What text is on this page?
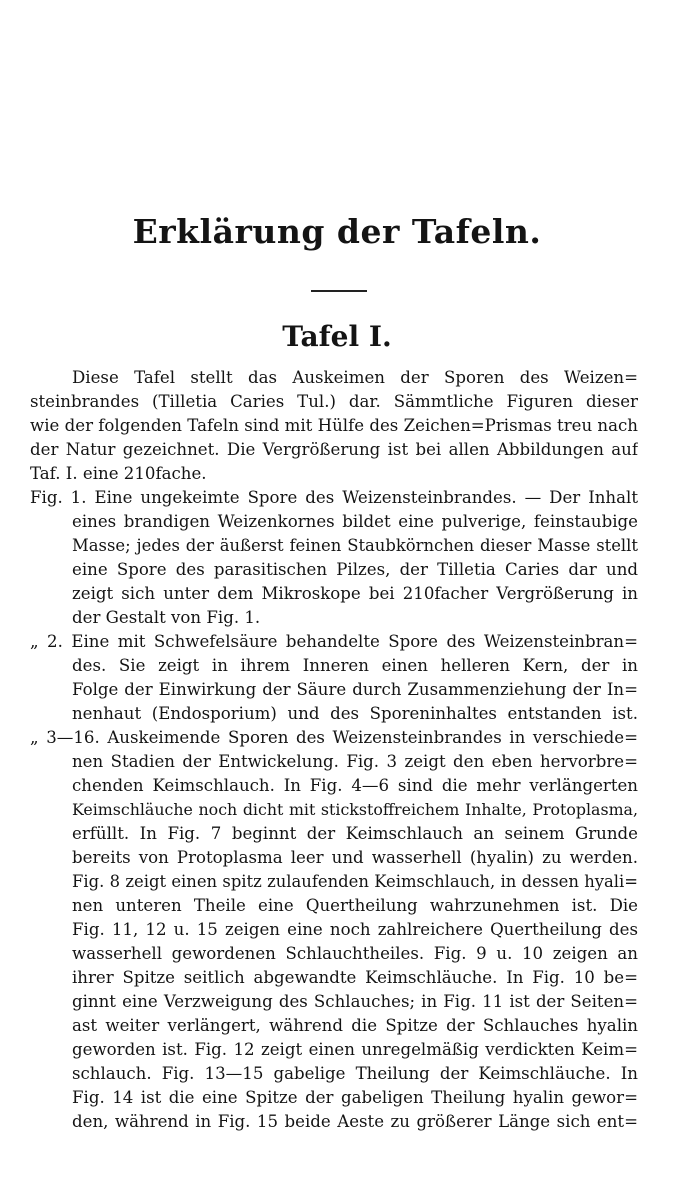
Erklärung der Tafeln.
Tafel I.
Diese Tafel stellt das Auskeimen der Sporen des Weizen=
steinbrandes (Tilletia Caries Tul.) dar. Sämmtliche Figuren dieser
wie der folgenden Tafeln sind mit Hülfe des Zeichen=Prismas treu nach
der Natur gezeichnet. Die Vergrößerung ist bei allen Abbildungen auf
Taf. I. eine 210fache.
Fig. 1. Eine ungekeimte Spore des Weizensteinbrandes. — Der Inhalt
eines brandigen Weizenkornes bildet eine pulverige, feinstaubige
Masse; jedes der äußerst feinen Staubkörnchen dieser Masse stellt
eine Spore des parasitischen Pilzes, der Tilletia Caries dar und
zeigt sich unter dem Mikroskope bei 210facher Vergrößerung in
der Gestalt von Fig. 1.
„ 2. Eine mit Schwefelsäure behandelte Spore des Weizensteinbran=
des. Sie zeigt in ihrem Inneren einen helleren Kern, der in
Folge der Einwirkung der Säure durch Zusammenziehung der In=
nenhaut (Endosporium) und des Sporeninhaltes entstanden ist.
„ 3—16. Auskeimende Sporen des Weizensteinbrandes in verschiede=
nen Stadien der Entwickelung. Fig. 3 zeigt den eben hervorbre=
chenden Keimschlauch. In Fig. 4—6 sind die mehr verlängerten
Keimschläuche noch dicht mit stickstoffreichem Inhalte, Protoplasma,
erfüllt. In Fig. 7 beginnt der Keimschlauch an seinem Grunde
bereits von Protoplasma leer und wasserhell (hyalin) zu werden.
Fig. 8 zeigt einen spitz zulaufenden Keimschlauch, in dessen hyali=
nen unteren Theile eine Quertheilung wahrzunehmen ist. Die
Fig. 11, 12 u. 15 zeigen eine noch zahlreichere Quertheilung des
wasserhell gewordenen Schlauchtheiles. Fig. 9 u. 10 zeigen an
ihrer Spitze seitlich abgewandte Keimschläuche. In Fig. 10 be=
ginnt eine Verzweigung des Schlauches; in Fig. 11 ist der Seiten=
ast weiter verlängert, während die Spitze der Schlauches hyalin
geworden ist. Fig. 12 zeigt einen unregelmäßig verdickten Keim=
schlauch. Fig. 13—15 gabelige Theilung der Keimschläuche. In
Fig. 14 ist die eine Spitze der gabeligen Theilung hyalin gewor=
den, während in Fig. 15 beide Aeste zu größerer Länge sich ent=
